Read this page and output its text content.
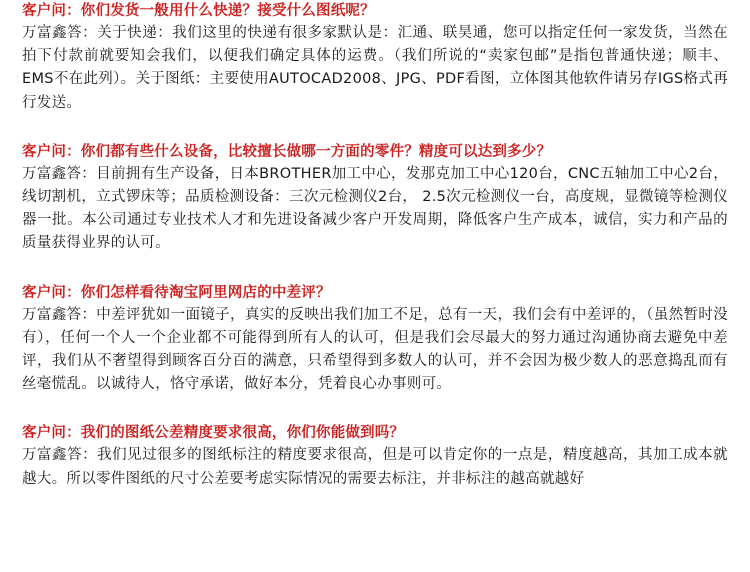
客户问：你们发货一般用什么快递？接受什么图纸呢？

万富鑫答：关于快递：我们这里的快递有很多家默认是：汇通、联昊通，您可以指定任何一家发货，当然在拍下付款前就要知会我们，以便我们确定具体的运费。（我们所说的“卖家包邮”是指包普通快递；顺丰、EMS不在此列）。关于图纸：主要使用AUTOCAD2008、JPG、PDF看图，立体图其他软件请另存IGS格式再行发送。

客户问：你们都有些什么设备，比较擅长做哪一方面的零件？精度可以达到多少？

万富鑫答：目前拥有生产设备，日本BROTHER加工中心，发那克加工中心120台，CNC五轴加工中心2台，线切割机，立式锣床等；品质检测设备：三次元检测仪2台， 2.5次元检测仪一台，高度规，显微镜等检测仪器一批。本公司通过专业技术人才和先进设备减少客户开发周期，降低客户生产成本，诚信，实力和产品的质量获得业界的认可。

客户问：你们怎样看待淘宝阿里网店的中差评？

万富鑫答：中差评犹如一面镜子，真实的反映出我们加工不足，总有一天，我们会有中差评的，（虽然暂时没有），任何一个人一个企业都不可能得到所有人的认可，但是我们会尽最大的努力通过沟通协商去避免中差评，我们从不奢望得到顾客百分百的满意，只希望得到多数人的认可，并不会因为极少数人的恶意捣乱而有丝毫慌乱。以诚待人，恪守承诺，做好本分，凭着良心办事则可。

客户问：我们的图纸公差精度要求很高，你们你能做到吗？

万富鑫答：我们见过很多的图纸标注的精度要求很高，但是可以肯定你的一点是，精度越高，其加工成本就越大。所以零件图纸的尺寸公差要考虑实际情况的需要去标注，并非标注的越高就越好
